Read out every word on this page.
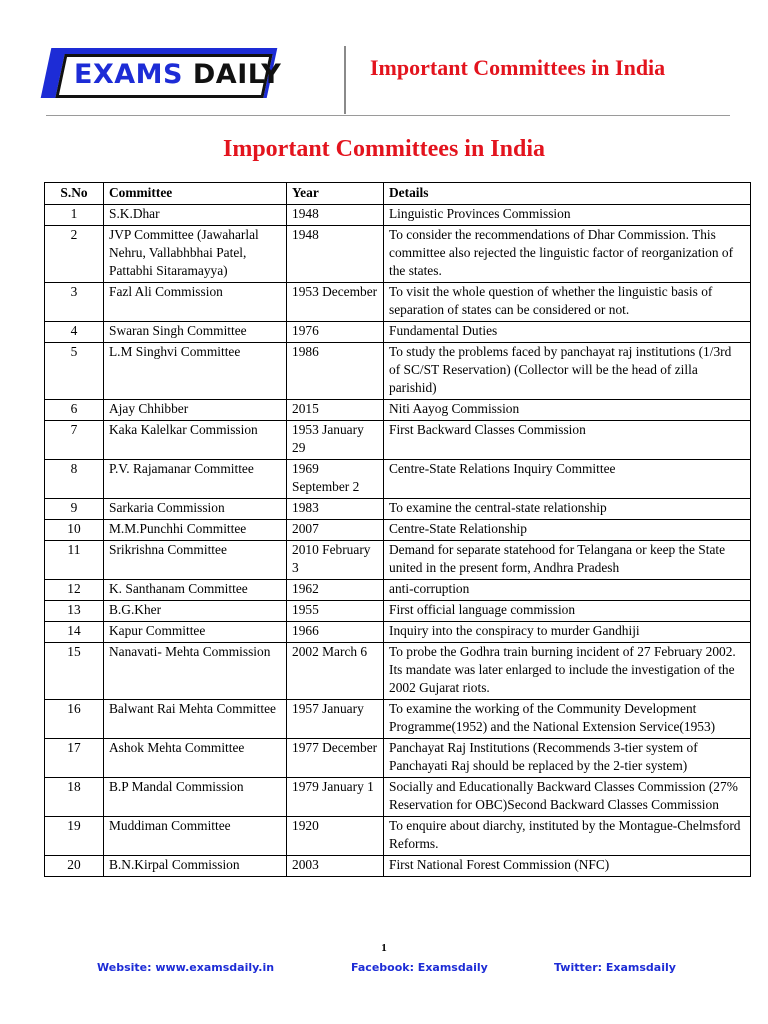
EXAMS DAILY	Important Committees in India
Important Committees in India
S.No	Committee	Year	Details
1	S.K.Dhar	1948	Linguistic Provinces Commission
2	JVP Committee (Jawaharlal Nehru, Vallabhbhai Patel, Pattabhi Sitaramayya)	1948	To consider the recommendations of Dhar Commission. This committee also rejected the linguistic factor of reorganization of the states.
3	Fazl Ali Commission	1953 December	To visit the whole question of whether the linguistic basis of separation of states can be considered or not.
4	Swaran Singh Committee	1976	Fundamental Duties
5	L.M Singhvi Committee	1986	To study the problems faced by panchayat raj institutions (1/3rd of SC/ST Reservation) (Collector will be the head of zilla parishid)
6	Ajay Chhibber	2015	Niti Aayog Commission
7	Kaka Kalelkar Commission	1953 January 29	First Backward Classes Commission
8	P.V. Rajamanar Committee	1969 September 2	Centre-State Relations Inquiry Committee
9	Sarkaria Commission	1983	To examine the central-state relationship
10	M.M.Punchhi Committee	2007	Centre-State Relationship
11	Srikrishna Committee	2010 February 3	Demand for separate statehood for Telangana or keep the State united in the present form, Andhra Pradesh
12	K. Santhanam Committee	1962	anti-corruption
13	B.G.Kher	1955	First official language commission
14	Kapur Committee	1966	Inquiry into the conspiracy to murder Gandhiji
15	Nanavati- Mehta Commission	2002 March 6	To probe the Godhra train burning incident of 27 February 2002. Its mandate was later enlarged to include the investigation of the 2002 Gujarat riots.
16	Balwant Rai Mehta Committee	1957 January	To examine the working of the Community Development Programme(1952) and the National Extension Service(1953)
17	Ashok Mehta Committee	1977 December	Panchayat Raj Institutions (Recommends 3-tier system of Panchayati Raj should be replaced by the 2-tier system)
18	B.P Mandal Commission	1979 January 1	Socially and Educationally Backward Classes Commission (27% Reservation for OBC)Second Backward Classes Commission
19	Muddiman Committee	1920	To enquire about diarchy, instituted by the Montague-Chelmsford Reforms.
20	B.N.Kirpal Commission	2003	First National Forest Commission (NFC)
1
Website: www.examsdaily.in	Facebook: Examsdaily	Twitter: Examsdaily
